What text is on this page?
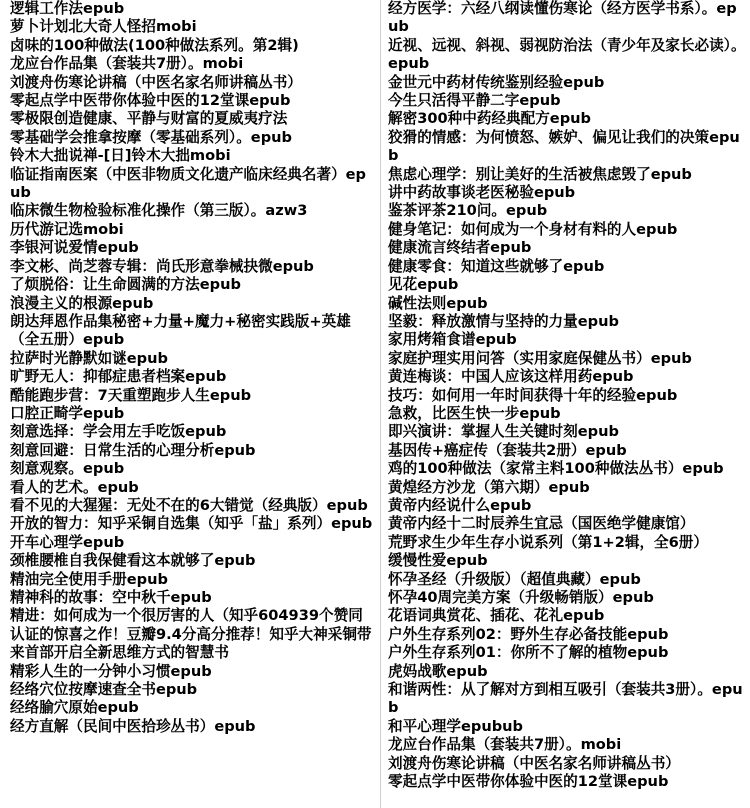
逻辑工作法epub

萝卜计划北大奇人怪招mobi

卤味的100种做法(100种做法系列。第2辑)

龙应台作品集（套装共7册）。mobi

刘渡舟伤寒论讲稿（中医名家名师讲稿丛书）

零起点学中医带你体验中医的12堂课epub

零极限创造健康、平静与财富的夏威夷疗法

零基础学会推拿按摩（零基础系列）。epub

铃木大拙说禅-[日]铃木大拙mobi

临证指南医案（中医非物质文化遗产临床经典名著）epub

临床微生物检验标准化操作（第三版）。azw3

历代游记选mobi

李银河说爱情epub

李文彬、尚芝蓉专辑：尚氏形意拳械抉微epub

了烦脱俗：让生命圆满的方法epub

浪漫主义的根源epub

朗达拜恩作品集秘密+力量+魔力+秘密实践版+英雄（全五册）epub

拉萨时光静默如谜epub

旷野无人：抑郁症患者档案epub

酷能跑步营：7天重塑跑步人生epub

口腔正畸学epub

刻意选择：学会用左手吃饭epub

刻意回避：日常生活的心理分析epub

刻意观察。epub

看人的艺术。epub

看不见的大猩猩：无处不在的6大错觉（经典版）epub

开放的智力：知乎采铜自选集（知乎「盐」系列）epub

开车心理学epub

颈椎腰椎自我保健看这本就够了epub

精油完全使用手册epub

精神科的故事：空中秋千epub

精进：如何成为一个很厉害的人（知乎604939个赞同认证的惊喜之作！豆瓣9.4分高分推荐！知乎大神采铜带来首部开启全新思维方式的智慧书

精彩人生的一分钟小习惯epub

经络穴位按摩速查全书epub

经络腧穴原始epub

经方直解（民间中医拾珍丛书）epub

经方医学：六经八纲读懂伤寒论（经方医学书系）。epub

近视、远视、斜视、弱视防治法（青少年及家长必读）。epub

金世元中药材传统鉴别经验epub

今生只活得平静二字epub

解密300种中药经典配方epub

狡猾的情感：为何愤怒、嫉妒、偏见让我们的决策epub

焦虑心理学：别让美好的生活被焦虑毁了epub

讲中药故事谈老医秘验epub

鉴茶评茶210问。epub

健身笔记：如何成为一个身材有料的人epub

健康流言终结者epub

健康零食：知道这些就够了epub

见花epub

碱性法则epub

坚毅：释放激情与坚持的力量epub

家用烤箱食谱epub

家庭护理实用问答（实用家庭保健丛书）epub

黄连梅谈：中国人应该这样用药epub

技巧：如何用一年时间获得十年的经验epub

急救，比医生快一步epub

即兴演讲：掌握人生关键时刻epub

基因传+癌症传（套装共2册）epub

鸡的100种做法（家常主料100种做法丛书）epub

黄煌经方沙龙（第六期）epub

黄帝内经说什么epub

黄帝内经十二时辰养生宜忌（国医绝学健康馆）

荒野求生少年生存小说系列（第1+2辑，全6册）

缓慢性爱epub

怀孕圣经（升级版）（超值典藏）epub

怀孕40周完美方案（升级畅销版）epub

花语词典赏花、插花、花礼epub

户外生存系列02：野外生存必备技能epub

户外生存系列01：你所不了解的植物epub

虎妈战歌epub

和谐两性：从了解对方到相互吸引（套装共3册）。epub

和平心理学epubub

龙应台作品集（套装共7册）。mobi

刘渡舟伤寒论讲稿（中医名家名师讲稿丛书）

零起点学中医带你体验中医的12堂课epub
